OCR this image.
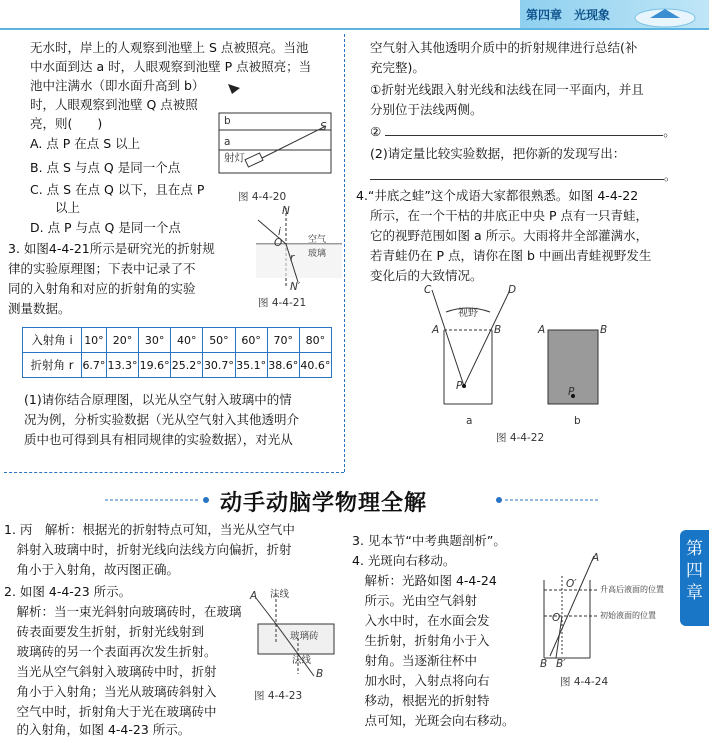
第四章　 光现象
无水时，岸上的人观察到池壁上 S 点被照亮。当池
中水面到达 a 时，人眼观察到池壁 P 点被照亮；当
池中注满水（即水面升高到 b）
时，人眼观察到池壁 Q 点被照
亮，则(　　)
A. 点 P 在点 S 以上
B. 点 S 与点 Q 是同一个点
C. 点 S 在点 Q 以下，且在点 P
　　以上
D. 点 P 与点 Q 是同一个点
b
a
S
射灯
图 4-4-20
3. 如图4-4-21所示是研究光的折射规
律的实验原理图；下表中记录了不
同的入射角和对应的折射角的实验
测量数据。
N
N′
O
i
r
空气
玻璃
图 4-4-21
入射角 i	10°	20°	30°	40°	50°	60°	70°	80°
折射角 r	6.7°	13.3°	19.6°	25.2°	30.7°	35.1°	38.6°	40.6°
(1)请你结合原理图，以光从空气射入玻璃中的情
况为例，分析实验数据（光从空气射入其他透明介
质中也可得到具有相同规律的实验数据），对光从
空气射入其他透明介质中的折射规律进行总结(补
充完整)。
①折射光线跟入射光线和法线在同一平面内，并且
分别位于法线两侧。
②	。
(2)请定量比较实验数据，把你新的发现写出：
。
4.“井底之蛙”这个成语大家都很熟悉。如图 4-4-22
所示，在一个干枯的井底正中央 P 点有一只青蛙，
它的视野范围如图 a 所示。大雨将井全部灌满水，
若青蛙仍在 P 点，请你在图 b 中画出青蛙视野发生
变化后的大致情况。
C	D
视野
A	B
P
A	B
P
a	b
图 4-4-22
动手动脑学物理全解
第四章
1. 丙　解析：根据光的折射特点可知，当光从空气中
　斜射入玻璃中时，折射光线向法线方向偏折，折射
　角小于入射角，故丙图正确。
2. 如图 4-4-23 所示。
　解析：当一束光斜射向玻璃砖时，在玻璃
　砖表面要发生折射，折射光线射到
　玻璃砖的另一个表面再次发生折射。
　当光从空气斜射入玻璃砖中时，折射
　角小于入射角；当光从玻璃砖斜射入
　空气中时，折射角大于光在玻璃砖中
　的入射角，如图 4-4-23 所示。
A 法线
玻璃砖
法线
B
图 4-4-23
3. 见本节“中考典题剖析”。
4. 光斑向右移动。
　解析：光路如图 4-4-24
　所示。光由空气斜射
　入水中时，在水面会发
　生折射，折射角小于入
　射角。当逐渐往杯中
　加水时，入射点将向右
　移动，根据光的折射特
　点可知，光斑会向右移动。
A
O′
O
B B′
升高后液面的位置
初始液面的位置
图 4-4-24
